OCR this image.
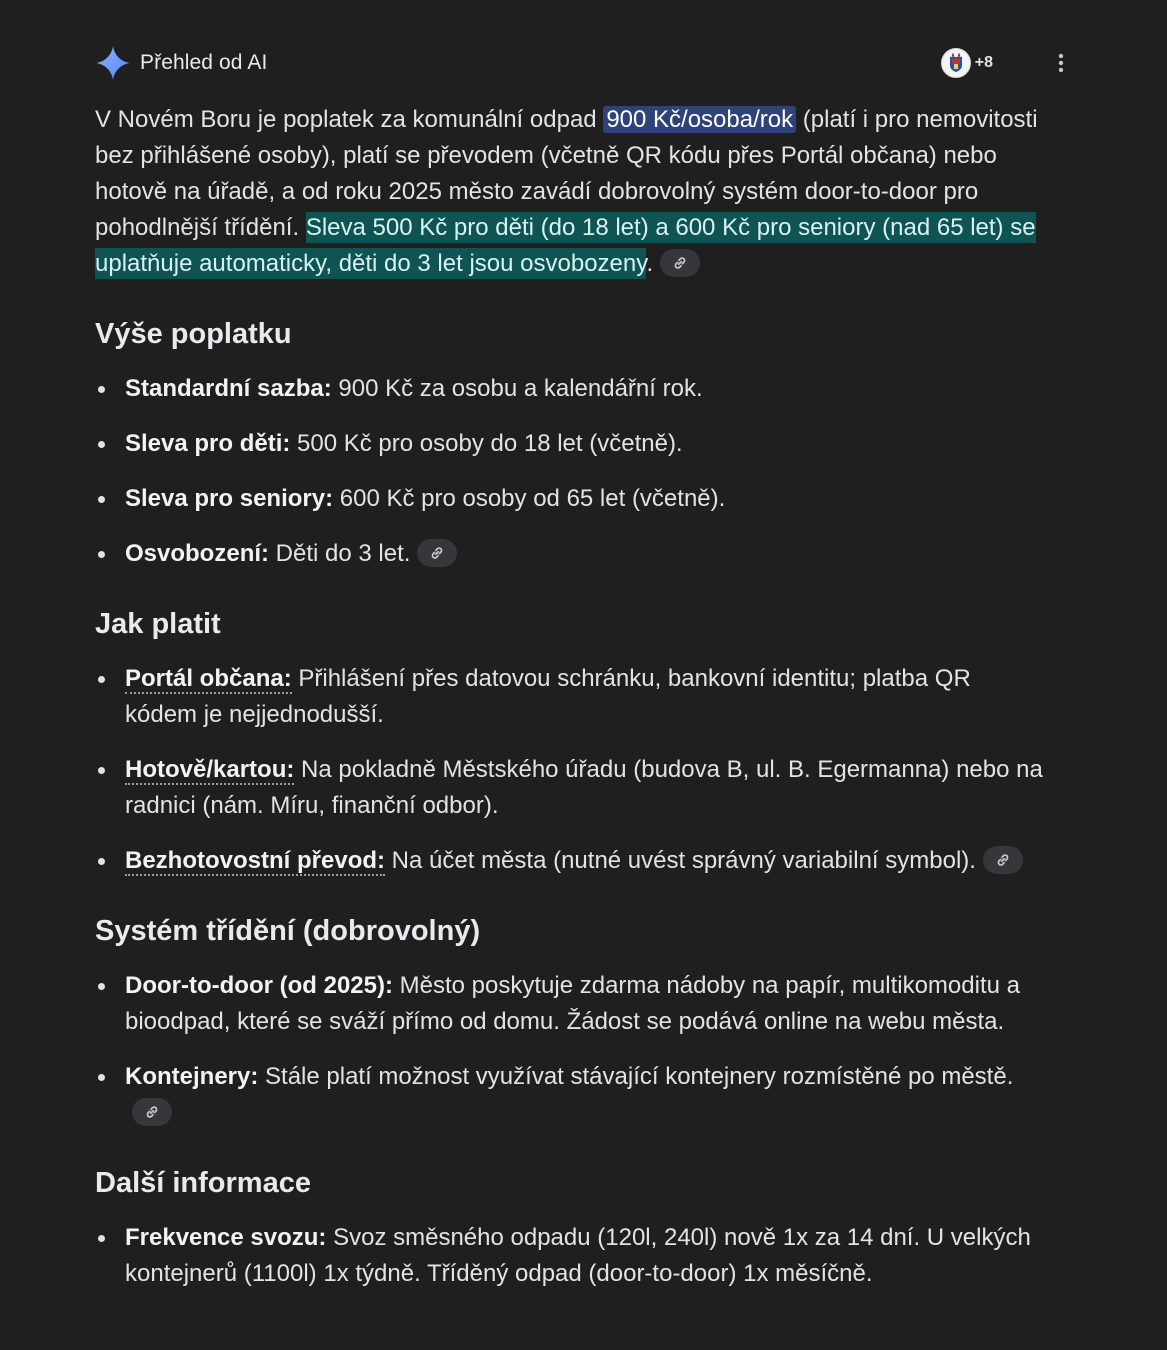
Přehled od AI	+8

V Novém Boru je poplatek za komunální odpad 900 Kč/osoba/rok (platí i pro nemovitosti bez přihlášené osoby), platí se převodem (včetně QR kódu přes Portál občana) nebo hotově na úřadě, a od roku 2025 město zavádí dobrovolný systém door-to-door pro pohodlnější třídění. Sleva 500 Kč pro děti (do 18 let) a 600 Kč pro seniory (nad 65 let) se uplatňuje automaticky, děti do 3 let jsou osvobozeny.

Výše poplatku
Standardní sazba: 900 Kč za osobu a kalendářní rok.
Sleva pro děti: 500 Kč pro osoby do 18 let (včetně).
Sleva pro seniory: 600 Kč pro osoby od 65 let (včetně).
Osvobození: Děti do 3 let.
Jak platit
Portál občana: Přihlášení přes datovou schránku, bankovní identitu; platba QR kódem je nejjednodušší.
Hotově/kartou: Na pokladně Městského úřadu (budova B, ul. B. Egermanna) nebo na radnici (nám. Míru, finanční odbor).
Bezhotovostní převod: Na účet města (nutné uvést správný variabilní symbol).
Systém třídění (dobrovolný)
Door-to-door (od 2025): Město poskytuje zdarma nádoby na papír, multikomoditu a bioodpad, které se sváží přímo od domu. Žádost se podává online na webu města.
Kontejnery: Stále platí možnost využívat stávající kontejnery rozmístěné po městě.
Další informace
Frekvence svozu: Svoz směsného odpadu (120l, 240l) nově 1x za 14 dní. U velkých kontejnerů (1100l) 1x týdně. Tříděný odpad (door-to-door) 1x měsíčně.
